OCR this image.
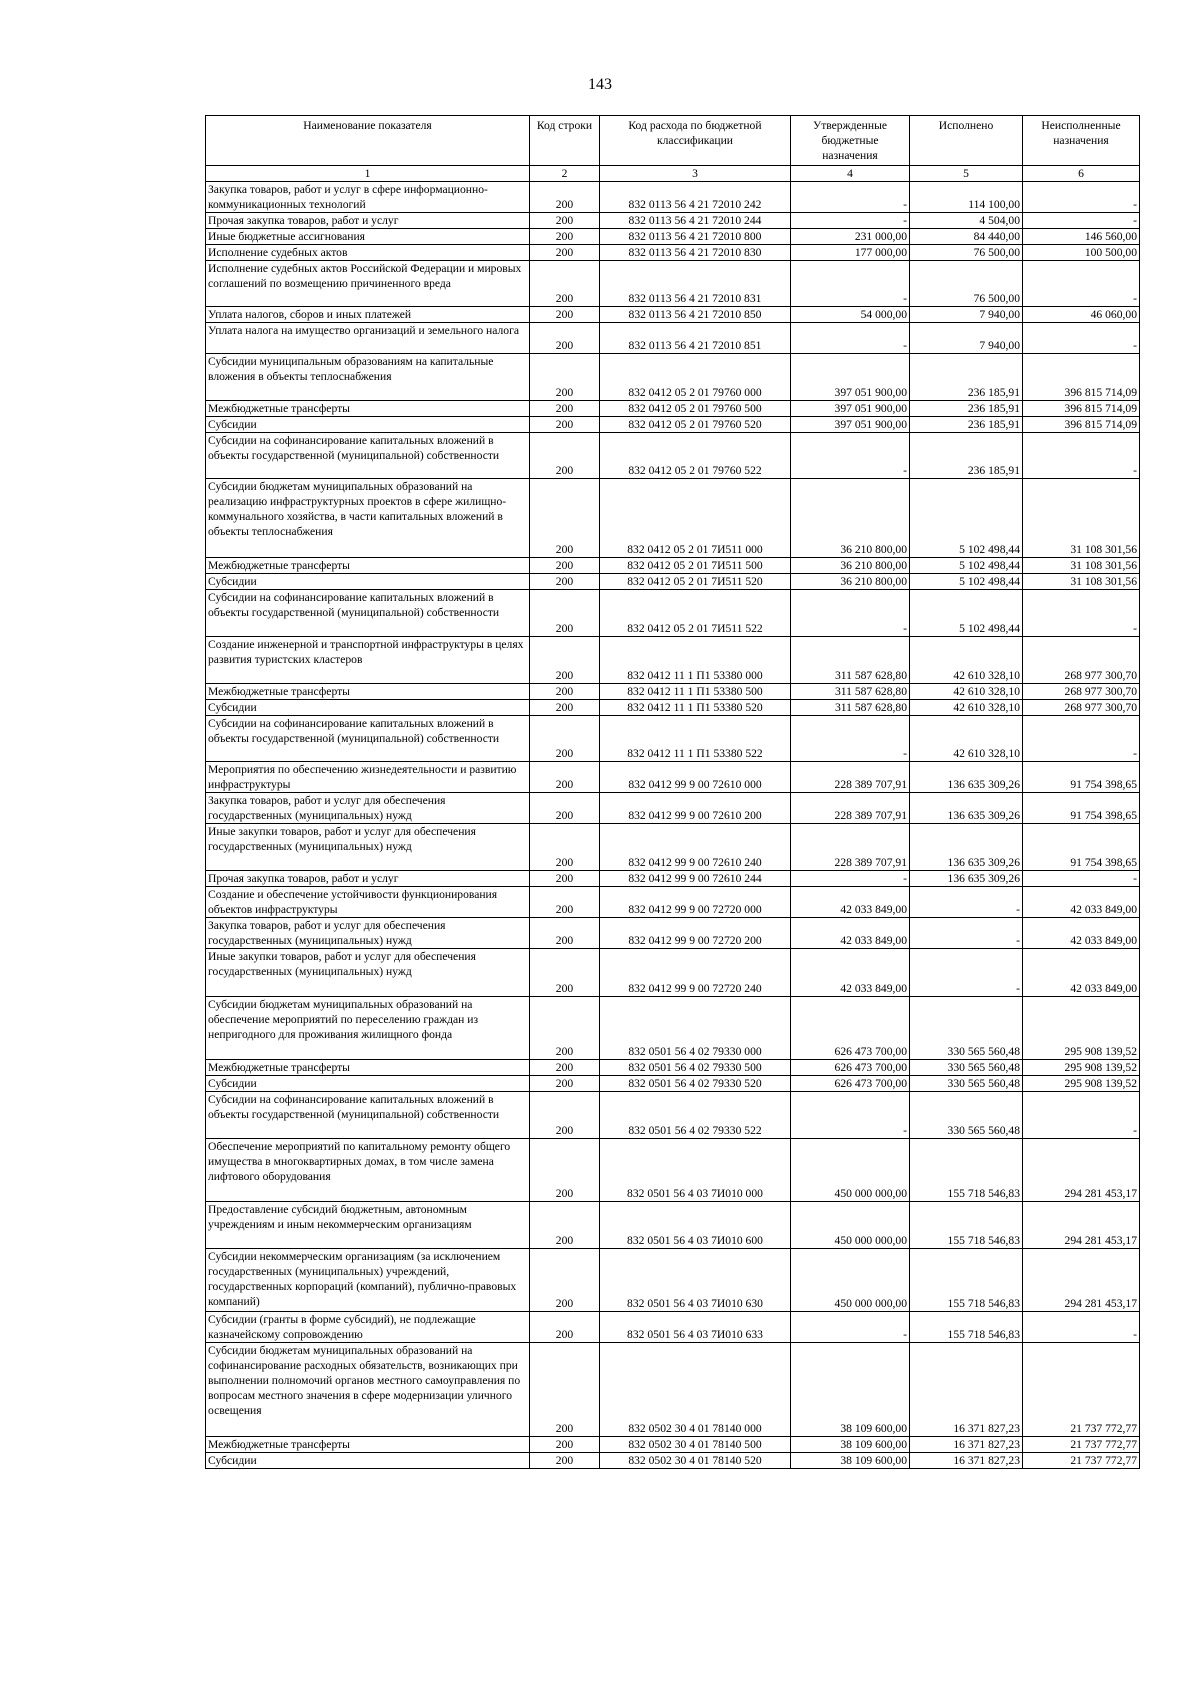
143
Наименование показателя	Код строки	Код расхода по бюджетной классификации	Утвержденные бюджетные назначения	Исполнено	Неисполненные назначения
1	2	3	4	5	6
Закупка товаров, работ и услуг в сфере информационно-коммуникационных технологий	200	832 0113 56 4 21 72010 242	-	114 100,00	-
Прочая закупка товаров, работ и услуг	200	832 0113 56 4 21 72010 244	-	4 504,00	-
Иные бюджетные ассигнования	200	832 0113 56 4 21 72010 800	231 000,00	84 440,00	146 560,00
Исполнение судебных актов	200	832 0113 56 4 21 72010 830	177 000,00	76 500,00	100 500,00
Исполнение судебных актов Российской Федерации и мировых соглашений по возмещению причиненного вреда	200	832 0113 56 4 21 72010 831	-	76 500,00	-
Уплата налогов, сборов и иных платежей	200	832 0113 56 4 21 72010 850	54 000,00	7 940,00	46 060,00
Уплата налога на имущество организаций и земельного налога	200	832 0113 56 4 21 72010 851	-	7 940,00	-
Субсидии муниципальным образованиям на капитальные вложения в объекты теплоснабжения	200	832 0412 05 2 01 79760 000	397 051 900,00	236 185,91	396 815 714,09
Межбюджетные трансферты	200	832 0412 05 2 01 79760 500	397 051 900,00	236 185,91	396 815 714,09
Субсидии	200	832 0412 05 2 01 79760 520	397 051 900,00	236 185,91	396 815 714,09
Субсидии на софинансирование капитальных вложений в объекты государственной (муниципальной) собственности	200	832 0412 05 2 01 79760 522	-	236 185,91	-
Субсидии бюджетам муниципальных образований на реализацию инфраструктурных проектов в сфере жилищно-коммунального хозяйства, в части капитальных вложений в объекты теплоснабжения	200	832 0412 05 2 01 7И511 000	36 210 800,00	5 102 498,44	31 108 301,56
Межбюджетные трансферты	200	832 0412 05 2 01 7И511 500	36 210 800,00	5 102 498,44	31 108 301,56
Субсидии	200	832 0412 05 2 01 7И511 520	36 210 800,00	5 102 498,44	31 108 301,56
Субсидии на софинансирование капитальных вложений в объекты государственной (муниципальной) собственности	200	832 0412 05 2 01 7И511 522	-	5 102 498,44	-
Создание инженерной и транспортной инфраструктуры в целях развития туристских кластеров	200	832 0412 11 1 П1 53380 000	311 587 628,80	42 610 328,10	268 977 300,70
Межбюджетные трансферты	200	832 0412 11 1 П1 53380 500	311 587 628,80	42 610 328,10	268 977 300,70
Субсидии	200	832 0412 11 1 П1 53380 520	311 587 628,80	42 610 328,10	268 977 300,70
Субсидии на софинансирование капитальных вложений в объекты государственной (муниципальной) собственности	200	832 0412 11 1 П1 53380 522	-	42 610 328,10	-
Мероприятия по обеспечению жизнедеятельности и развитию инфраструктуры	200	832 0412 99 9 00 72610 000	228 389 707,91	136 635 309,26	91 754 398,65
Закупка товаров, работ и услуг для обеспечения государственных (муниципальных) нужд	200	832 0412 99 9 00 72610 200	228 389 707,91	136 635 309,26	91 754 398,65
Иные закупки товаров, работ и услуг для обеспечения государственных (муниципальных) нужд	200	832 0412 99 9 00 72610 240	228 389 707,91	136 635 309,26	91 754 398,65
Прочая закупка товаров, работ и услуг	200	832 0412 99 9 00 72610 244	-	136 635 309,26	-
Создание и обеспечение устойчивости функционирования объектов инфраструктуры	200	832 0412 99 9 00 72720 000	42 033 849,00	-	42 033 849,00
Закупка товаров, работ и услуг для обеспечения государственных (муниципальных) нужд	200	832 0412 99 9 00 72720 200	42 033 849,00	-	42 033 849,00
Иные закупки товаров, работ и услуг для обеспечения государственных (муниципальных) нужд	200	832 0412 99 9 00 72720 240	42 033 849,00	-	42 033 849,00
Субсидии бюджетам муниципальных образований на обеспечение мероприятий по переселению граждан из непригодного для проживания жилищного фонда	200	832 0501 56 4 02 79330 000	626 473 700,00	330 565 560,48	295 908 139,52
Межбюджетные трансферты	200	832 0501 56 4 02 79330 500	626 473 700,00	330 565 560,48	295 908 139,52
Субсидии	200	832 0501 56 4 02 79330 520	626 473 700,00	330 565 560,48	295 908 139,52
Субсидии на софинансирование капитальных вложений в объекты государственной (муниципальной) собственности	200	832 0501 56 4 02 79330 522	-	330 565 560,48	-
Обеспечение мероприятий по капитальному ремонту общего имущества в многоквартирных домах, в том числе замена лифтового оборудования	200	832 0501 56 4 03 7И010 000	450 000 000,00	155 718 546,83	294 281 453,17
Предоставление субсидий бюджетным, автономным учреждениям и иным некоммерческим организациям	200	832 0501 56 4 03 7И010 600	450 000 000,00	155 718 546,83	294 281 453,17
Субсидии некоммерческим организациям (за исключением государственных (муниципальных) учреждений, государственных корпораций (компаний), публично-правовых компаний)	200	832 0501 56 4 03 7И010 630	450 000 000,00	155 718 546,83	294 281 453,17
Субсидии (гранты в форме субсидий), не подлежащие казначейскому сопровождению	200	832 0501 56 4 03 7И010 633	-	155 718 546,83	-
Субсидии бюджетам муниципальных образований на софинансирование расходных обязательств, возникающих при выполнении полномочий органов местного самоуправления по вопросам местного значения в сфере модернизации уличного освещения	200	832 0502 30 4 01 78140 000	38 109 600,00	16 371 827,23	21 737 772,77
Межбюджетные трансферты	200	832 0502 30 4 01 78140 500	38 109 600,00	16 371 827,23	21 737 772,77
Субсидии	200	832 0502 30 4 01 78140 520	38 109 600,00	16 371 827,23	21 737 772,77
